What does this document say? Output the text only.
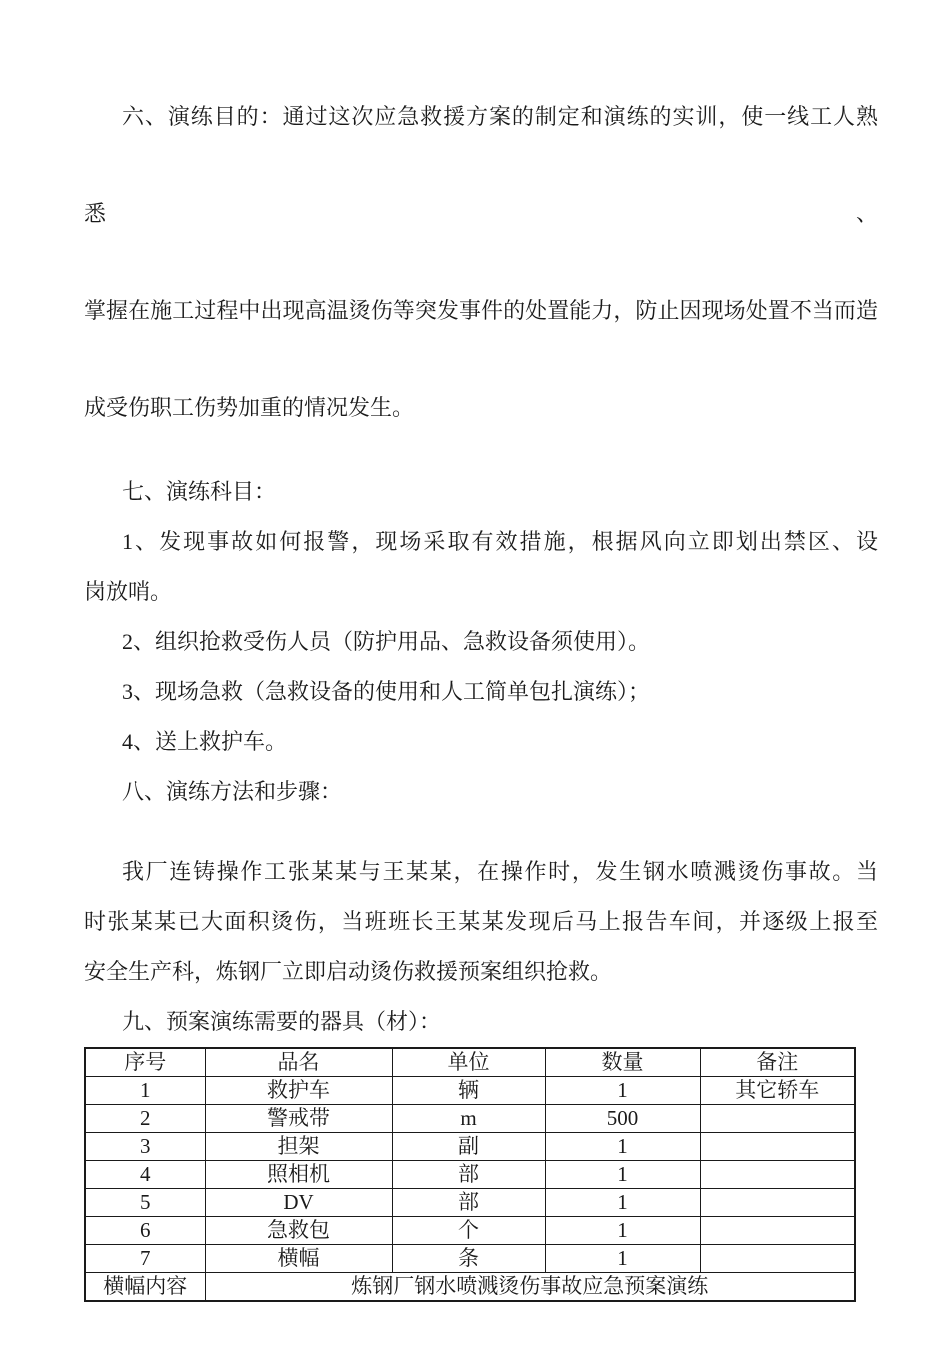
六、演练目的：通过这次应急救援方案的制定和演练的实训，使一线工人熟悉、
掌握在施工过程中出现高温烫伤等突发事件的处置能力，防止因现场处置不当而造
成受伤职工伤势加重的情况发生。
七、演练科目：
1、发现事故如何报警，现场采取有效措施，根据风向立即划出禁区、设
岗放哨。
2、组织抢救受伤人员（防护用品、急救设备须使用）。
3、现场急救（急救设备的使用和人工简单包扎演练）；
4、送上救护车。
八、演练方法和步骤：
我厂连铸操作工张某某与王某某，在操作时，发生钢水喷溅烫伤事故。当
时张某某已大面积烫伤，当班班长王某某发现后马上报告车间，并逐级上报至
安全生产科，炼钢厂立即启动烫伤救援预案组织抢救。
九、预案演练需要的器具（材）：
序号	品名	单位	数量	备注
1	救护车	辆	1	其它轿车
2	警戒带	m	500	
3	担架	副	1	
4	照相机	部	1	
5	DV	部	1	
6	急救包	个	1	
7	横幅	条	1	
横幅内容	炼钢厂钢水喷溅烫伤事故应急预案演练			
